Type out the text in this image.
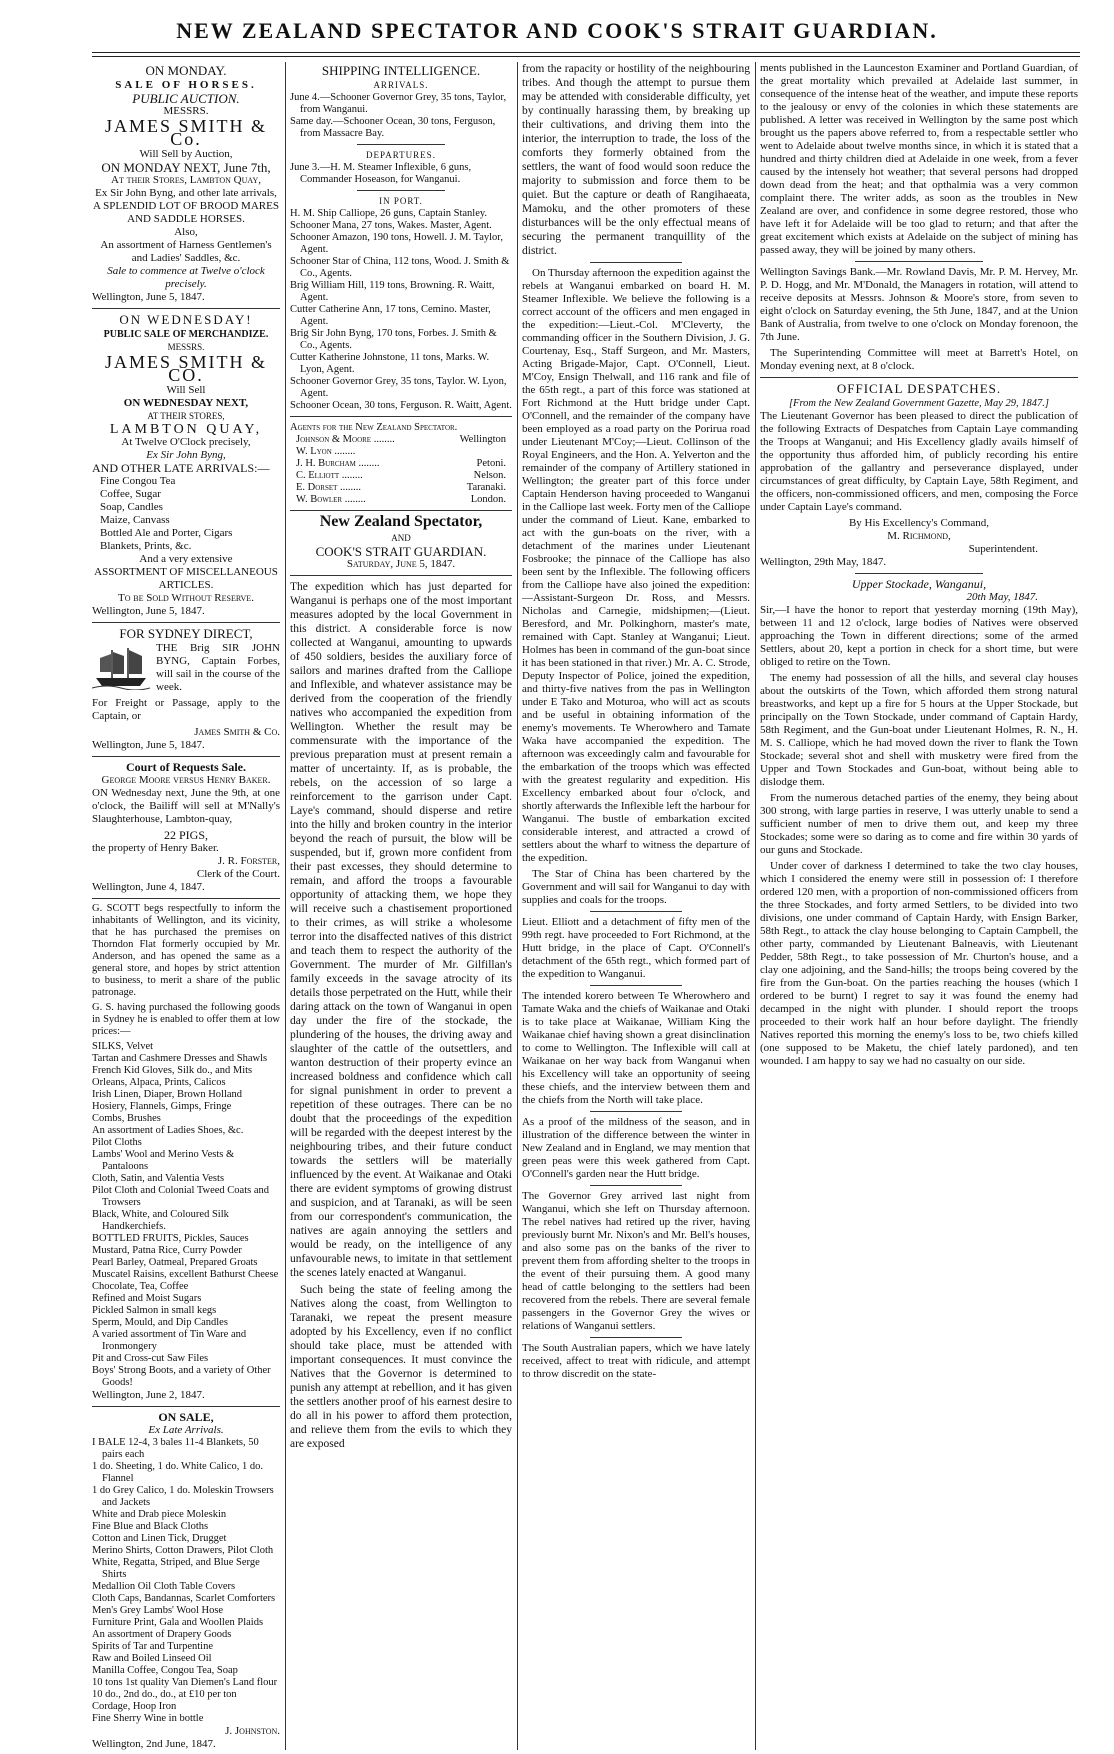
NEW ZEALAND SPECTATOR AND COOK'S STRAIT GUARDIAN.
ON MONDAY.
SALE OF HORSES.
PUBLIC AUCTION.
MESSRS.
JAMES SMITH & Co.
Will Sell by Auction,
ON MONDAY NEXT, June 7th,
At their Stores, Lambton Quay,
Ex Sir John Byng, and other late arrivals,
A SPLENDID LOT OF BROOD MARES AND SADDLE HORSES.
Also,
An assortment of Harness Gentlemen's and Ladies' Saddles, &c.
Sale to commence at Twelve o'clock precisely.
Wellington, June 5, 1847.
ON WEDNESDAY!
PUBLIC SALE OF MERCHANDIZE.
MESSRS.
JAMES SMITH & CO.
Will Sell
ON WEDNESDAY NEXT,
AT THEIR STORES,
LAMBTON QUAY,
At Twelve O'Clock precisely,
Ex Sir John Byng,
AND OTHER LATE ARRIVALS:—
Fine Congou Tea
Coffee, Sugar
Soap, Candles
Maize, Canvass
Bottled Ale and Porter, Cigars
Blankets, Prints, &c.
And a very extensive
ASSORTMENT OF MISCELLANEOUS ARTICLES.
To be Sold Without Reserve.
Wellington, June 5, 1847.
FOR SYDNEY DIRECT,

THE Brig SIR JOHN BYNG, Captain Forbes, will sail in the course of the week.

For Freight or Passage, apply to the Captain, or

James Smith & Co.
Wellington, June 5, 1847.
Court of Requests Sale.
George Moore versus Henry Baker.

ON Wednesday next, June the 9th, at one o'clock, the Bailiff will sell at M'Nally's Slaughterhouse, Lambton-quay,

22 PIGS,
the property of Henry Baker.
J. R. Forster,
Clerk of the Court.
Wellington, June 4, 1847.

G. SCOTT begs respectfully to inform the inhabitants of Wellington, and its vicinity, that he has purchased the premises on Thorndon Flat formerly occupied by Mr. Anderson, and has opened the same as a general store, and hopes by strict attention to business, to merit a share of the public patronage.

G. S. having purchased the following goods in Sydney he is enabled to offer them at low prices:—

SILKS, Velvet
Tartan and Cashmere Dresses and Shawls
French Kid Gloves, Silk do., and Mits
Orleans, Alpaca, Prints, Calicos
Irish Linen, Diaper, Brown Holland
Hosiery, Flannels, Gimps, Fringe
Combs, Brushes
An assortment of Ladies Shoes, &c.
Pilot Cloths
Lambs' Wool and Merino Vests & Pantaloons
Cloth, Satin, and Valentia Vests
Pilot Cloth and Colonial Tweed Coats and Trowsers
Black, White, and Coloured Silk Handkerchiefs.
BOTTLED FRUITS, Pickles, Sauces
Mustard, Patna Rice, Curry Powder
Pearl Barley, Oatmeal, Prepared Groats
Muscatel Raisins, excellent Bathurst Cheese
Chocolate, Tea, Coffee
Refined and Moist Sugars
Pickled Salmon in small kegs
Sperm, Mould, and Dip Candles
A varied assortment of Tin Ware and Ironmongery
Pit and Cross-cut Saw Files
Boys' Strong Boots, and a variety of Other Goods!
Wellington, June 2, 1847.
ON SALE,
Ex Late Arrivals.
I BALE 12-4, 3 bales 11-4 Blankets, 50 pairs each
1 do. Sheeting, 1 do. White Calico, 1 do. Flannel
1 do Grey Calico, 1 do. Moleskin Trowsers and Jackets
White and Drab piece Moleskin
Fine Blue and Black Cloths
Cotton and Linen Tick, Drugget
Merino Shirts, Cotton Drawers, Pilot Cloth
White, Regatta, Striped, and Blue Serge Shirts
Medallion Oil Cloth Table Covers
Cloth Caps, Bandannas, Scarlet Comforters
Men's Grey Lambs' Wool Hose
Furniture Print, Gala and Woollen Plaids
An assortment of Drapery Goods
Spirits of Tar and Turpentine
Raw and Boiled Linseed Oil
Manilla Coffee, Congou Tea, Soap
10 tons 1st quality Van Diemen's Land flour
10 do., 2nd do., do., at £10 per ton
Cordage, Hoop Iron
Fine Sherry Wine in bottle
J. Johnston.
Wellington, 2nd June, 1847.
SHIPPING INTELLIGENCE.
ARRIVALS.
June 4.—Schooner Governor Grey, 35 tons, Taylor, from Wanganui.
Same day.—Schooner Ocean, 30 tons, Ferguson, from Massacre Bay.
DEPARTURES.
June 3.—H. M. Steamer Inflexible, 6 guns, Commander Hoseason, for Wanganui.
IN PORT.
H. M. Ship Calliope, 26 guns, Captain Stanley.
Schooner Mana, 27 tons, Wakes. Master, Agent.
Schooner Amazon, 190 tons, Howell. J. M. Taylor, Agent.
Schooner Star of China, 112 tons, Wood. J. Smith & Co., Agents.
Brig William Hill, 119 tons, Browning. R. Waitt, Agent.
Cutter Catherine Ann, 17 tons, Cemino. Master, Agent.
Brig Sir John Byng, 170 tons, Forbes. J. Smith & Co., Agents.
Cutter Katherine Johnstone, 11 tons, Marks. W. Lyon, Agent.
Schooner Governor Grey, 35 tons, Taylor. W. Lyon, Agent.
Schooner Ocean, 30 tons, Ferguson. R. Waitt, Agent.
Agents for the New Zealand Spectator.
Johnson & Moore ........	Wellington
W. Lyon ........
J. H. Burcham ........	Petoni.
C. Elliott ........	Nelson.
E. Dorset ........	Taranaki.
W. Bowler ........	London.
New Zealand Spectator,
AND
COOK'S STRAIT GUARDIAN.
Saturday, June 5, 1847.

The expedition which has just departed for Wanganui is perhaps one of the most important measures adopted by the local Government in this district. A considerable force is now collected at Wanganui, amounting to upwards of 450 soldiers, besides the auxiliary force of sailors and marines drafted from the Calliope and Inflexible, and whatever assistance may be derived from the cooperation of the friendly natives who accompanied the expedition from Wellington. Whether the result may be commensurate with the importance of the previous preparation must at present remain a matter of uncertainty. If, as is probable, the rebels, on the accession of so large a reinforcement to the garrison under Capt. Laye's command, should disperse and retire into the hilly and broken country in the interior beyond the reach of pursuit, the blow will be suspended, but if, grown more confident from their past excesses, they should determine to remain, and afford the troops a favourable opportunity of attacking them, we hope they will receive such a chastisement proportioned to their crimes, as will strike a wholesome terror into the disaffected natives of this district and teach them to respect the authority of the Government. The murder of Mr. Gilfillan's family exceeds in the savage atrocity of its details those perpetrated on the Hutt, while their daring attack on the town of Wanganui in open day under the fire of the stockade, the plundering of the houses, the driving away and slaughter of the cattle of the outsettlers, and wanton destruction of their property evince an increased boldness and confidence which call for signal punishment in order to prevent a repetition of these outrages. There can be no doubt that the proceedings of the expedition will be regarded with the deepest interest by the neighbouring tribes, and their future conduct towards the settlers will be materially influenced by the event. At Waikanae and Otaki there are evident symptoms of growing distrust and suspicion, and at Taranaki, as will be seen from our correspondent's communication, the natives are again annoying the settlers and would be ready, on the intelligence of any unfavourable news, to imitate in that settlement the scenes lately enacted at Wanganui.

Such being the state of feeling among the Natives along the coast, from Wellington to Taranaki, we repeat the present measure adopted by his Excellency, even if no conflict should take place, must be attended with important consequences. It must convince the Natives that the Governor is determined to punish any attempt at rebellion, and it has given the settlers another proof of his earnest desire to do all in his power to afford them protection, and relieve them from the evils to which they are exposed

from the rapacity or hostility of the neighbouring tribes. And though the attempt to pursue them may be attended with considerable difficulty, yet by continually harassing them, by breaking up their cultivations, and driving them into the interior, the interruption to trade, the loss of the comforts they formerly obtained from the settlers, the want of food would soon reduce the majority to submission and force them to be quiet. But the capture or death of Rangihaeata, Mamoku, and the other promoters of these disturbances will be the only effectual means of securing the permanent tranquillity of the district.

On Thursday afternoon the expedition against the rebels at Wanganui embarked on board H. M. Steamer Inflexible. We believe the following is a correct account of the officers and men engaged in the expedition:—Lieut.-Col. M'Cleverty, the commanding officer in the Southern Division, J. G. Courtenay, Esq., Staff Surgeon, and Mr. Masters, Acting Brigade-Major, Capt. O'Connell, Lieut. M'Coy, Ensign Thelwall, and 116 rank and file of the 65th regt., a part of this force was stationed at Fort Richmond at the Hutt bridge under Capt. O'Connell, and the remainder of the company have been employed as a road party on the Porirua road under Lieutenant M'Coy;—Lieut. Collinson of the Royal Engineers, and the Hon. A. Yelverton and the remainder of the company of Artillery stationed in Wellington; the greater part of this force under Captain Henderson having proceeded to Wanganui in the Calliope last week. Forty men of the Calliope under the command of Lieut. Kane, embarked to act with the gun-boats on the river, with a detachment of the marines under Lieutenant Fosbrooke; the pinnace of the Calliope has also been sent by the Inflexible. The following officers from the Calliope have also joined the expedition:—Assistant-Surgeon Dr. Ross, and Messrs. Nicholas and Carnegie, midshipmen;—(Lieut. Beresford, and Mr. Polkinghorn, master's mate, remained with Capt. Stanley at Wanganui; Lieut. Holmes has been in command of the gun-boat since it has been stationed in that river.) Mr. A. C. Strode, Deputy Inspector of Police, joined the expedition, and thirty-five natives from the pas in Wellington under E Tako and Moturoa, who will act as scouts and be useful in obtaining information of the enemy's movements. Te Wherowhero and Tamate Waka have accompanied the expedition. The afternoon was exceedingly calm and favourable for the embarkation of the troops which was effected with the greatest regularity and expedition. His Excellency embarked about four o'clock, and shortly afterwards the Inflexible left the harbour for Wanganui. The bustle of embarkation excited considerable interest, and attracted a crowd of settlers about the wharf to witness the departure of the expedition.

The Star of China has been chartered by the Government and will sail for Wanganui to day with supplies and coals for the troops.

Lieut. Elliott and a detachment of fifty men of the 99th regt. have proceeded to Fort Richmond, at the Hutt bridge, in the place of Capt. O'Connell's detachment of the 65th regt., which formed part of the expedition to Wanganui.

The intended korero between Te Wherowhero and Tamate Waka and the chiefs of Waikanae and Otaki is to take place at Waikanae, William King the Waikanae chief having shown a great disinclination to come to Wellington. The Inflexible will call at Waikanae on her way back from Wanganui when his Excellency will take an opportunity of seeing these chiefs, and the interview between them and the chiefs from the North will take place.

As a proof of the mildness of the season, and in illustration of the difference between the winter in New Zealand and in England, we may mention that green peas were this week gathered from Capt. O'Connell's garden near the Hutt bridge.

The Governor Grey arrived last night from Wanganui, which she left on Thursday afternoon. The rebel natives had retired up the river, having previously burnt Mr. Nixon's and Mr. Bell's houses, and also some pas on the banks of the river to prevent them from affording shelter to the troops in the event of their pursuing them. A good many head of cattle belonging to the settlers had been recovered from the rebels. There are several female passengers in the Governor Grey the wives or relations of Wanganui settlers.

The South Australian papers, which we have lately received, affect to treat with ridicule, and attempt to throw discredit on the state-

ments published in the Launceston Examiner and Portland Guardian, of the great mortality which prevailed at Adelaide last summer, in consequence of the intense heat of the weather, and impute these reports to the jealousy or envy of the colonies in which these statements are published. A letter was received in Wellington by the same post which brought us the papers above referred to, from a respectable settler who went to Adelaide about twelve months since, in which it is stated that a hundred and thirty children died at Adelaide in one week, from a fever caused by the intensely hot weather; that several persons had dropped down dead from the heat; and that opthalmia was a very common complaint there. The writer adds, as soon as the troubles in New Zealand are over, and confidence in some degree restored, those who have left it for Adelaide will be too glad to return; and that after the great excitement which exists at Adelaide on the subject of mining has passed away, they will be joined by many others.

Wellington Savings Bank.—Mr. Rowland Davis, Mr. P. M. Hervey, Mr. P. D. Hogg, and Mr. M'Donald, the Managers in rotation, will attend to receive deposits at Messrs. Johnson & Moore's store, from seven to eight o'clock on Saturday evening, the 5th June, 1847, and at the Union Bank of Australia, from twelve to one o'clock on Monday forenoon, the 7th June.

The Superintending Committee will meet at Barrett's Hotel, on Monday evening next, at 8 o'clock.

OFFICIAL DESPATCHES.
[From the New Zealand Government Gazette, May 29, 1847.]

The Lieutenant Governor has been pleased to direct the publication of the following Extracts of Despatches from Captain Laye commanding the Troops at Wanganui; and His Excellency gladly avails himself of the opportunity thus afforded him, of publicly recording his entire approbation of the gallantry and perseverance displayed, under circumstances of great difficulty, by Captain Laye, 58th Regiment, and the officers, non-commissioned officers, and men, composing the Force under Captain Laye's command.

By His Excellency's Command,
M. Richmond,
Superintendent.
Wellington, 29th May, 1847.
Upper Stockade, Wanganui,
20th May, 1847.

Sir,—I have the honor to report that yesterday morning (19th May), between 11 and 12 o'clock, large bodies of Natives were observed approaching the Town in different directions; some of the armed Settlers, about 20, kept a portion in check for a short time, but were obliged to retire on the Town.

The enemy had possession of all the hills, and several clay houses about the outskirts of the Town, which afforded them strong natural breastworks, and kept up a fire for 5 hours at the Upper Stockade, but principally on the Town Stockade, under command of Captain Hardy, 58th Regiment, and the Gun-boat under Lieutenant Holmes, R. N., H. M. S. Calliope, which he had moved down the river to flank the Town Stockade; several shot and shell with musketry were fired from the Upper and Town Stockades and Gun-boat, without being able to dislodge them.

From the numerous detached parties of the enemy, they being about 300 strong, with large parties in reserve, I was utterly unable to send a sufficient number of men to drive them out, and keep my three Stockades; some were so daring as to come and fire within 30 yards of our guns and Stockade.

Under cover of darkness I determined to take the two clay houses, which I considered the enemy were still in possession of: I therefore ordered 120 men, with a proportion of non-commissioned officers from the three Stockades, and forty armed Settlers, to be divided into two divisions, one under command of Captain Hardy, with Ensign Barker, 58th Regt., to attack the clay house belonging to Captain Campbell, the other party, commanded by Lieutenant Balneavis, with Lieutenant Pedder, 58th Regt., to take possession of Mr. Churton's house, and a clay one adjoining, and the Sand-hills; the troops being covered by the fire from the Gun-boat. On the parties reaching the houses (which I ordered to be burnt) I regret to say it was found the enemy had decamped in the night with plunder. I should report the troops proceeded to their work half an hour before daylight. The friendly Natives reported this morning the enemy's loss to be, two chiefs killed (one supposed to be Maketu, the chief lately pardoned), and ten wounded. I am happy to say we had no casualty on our side.
